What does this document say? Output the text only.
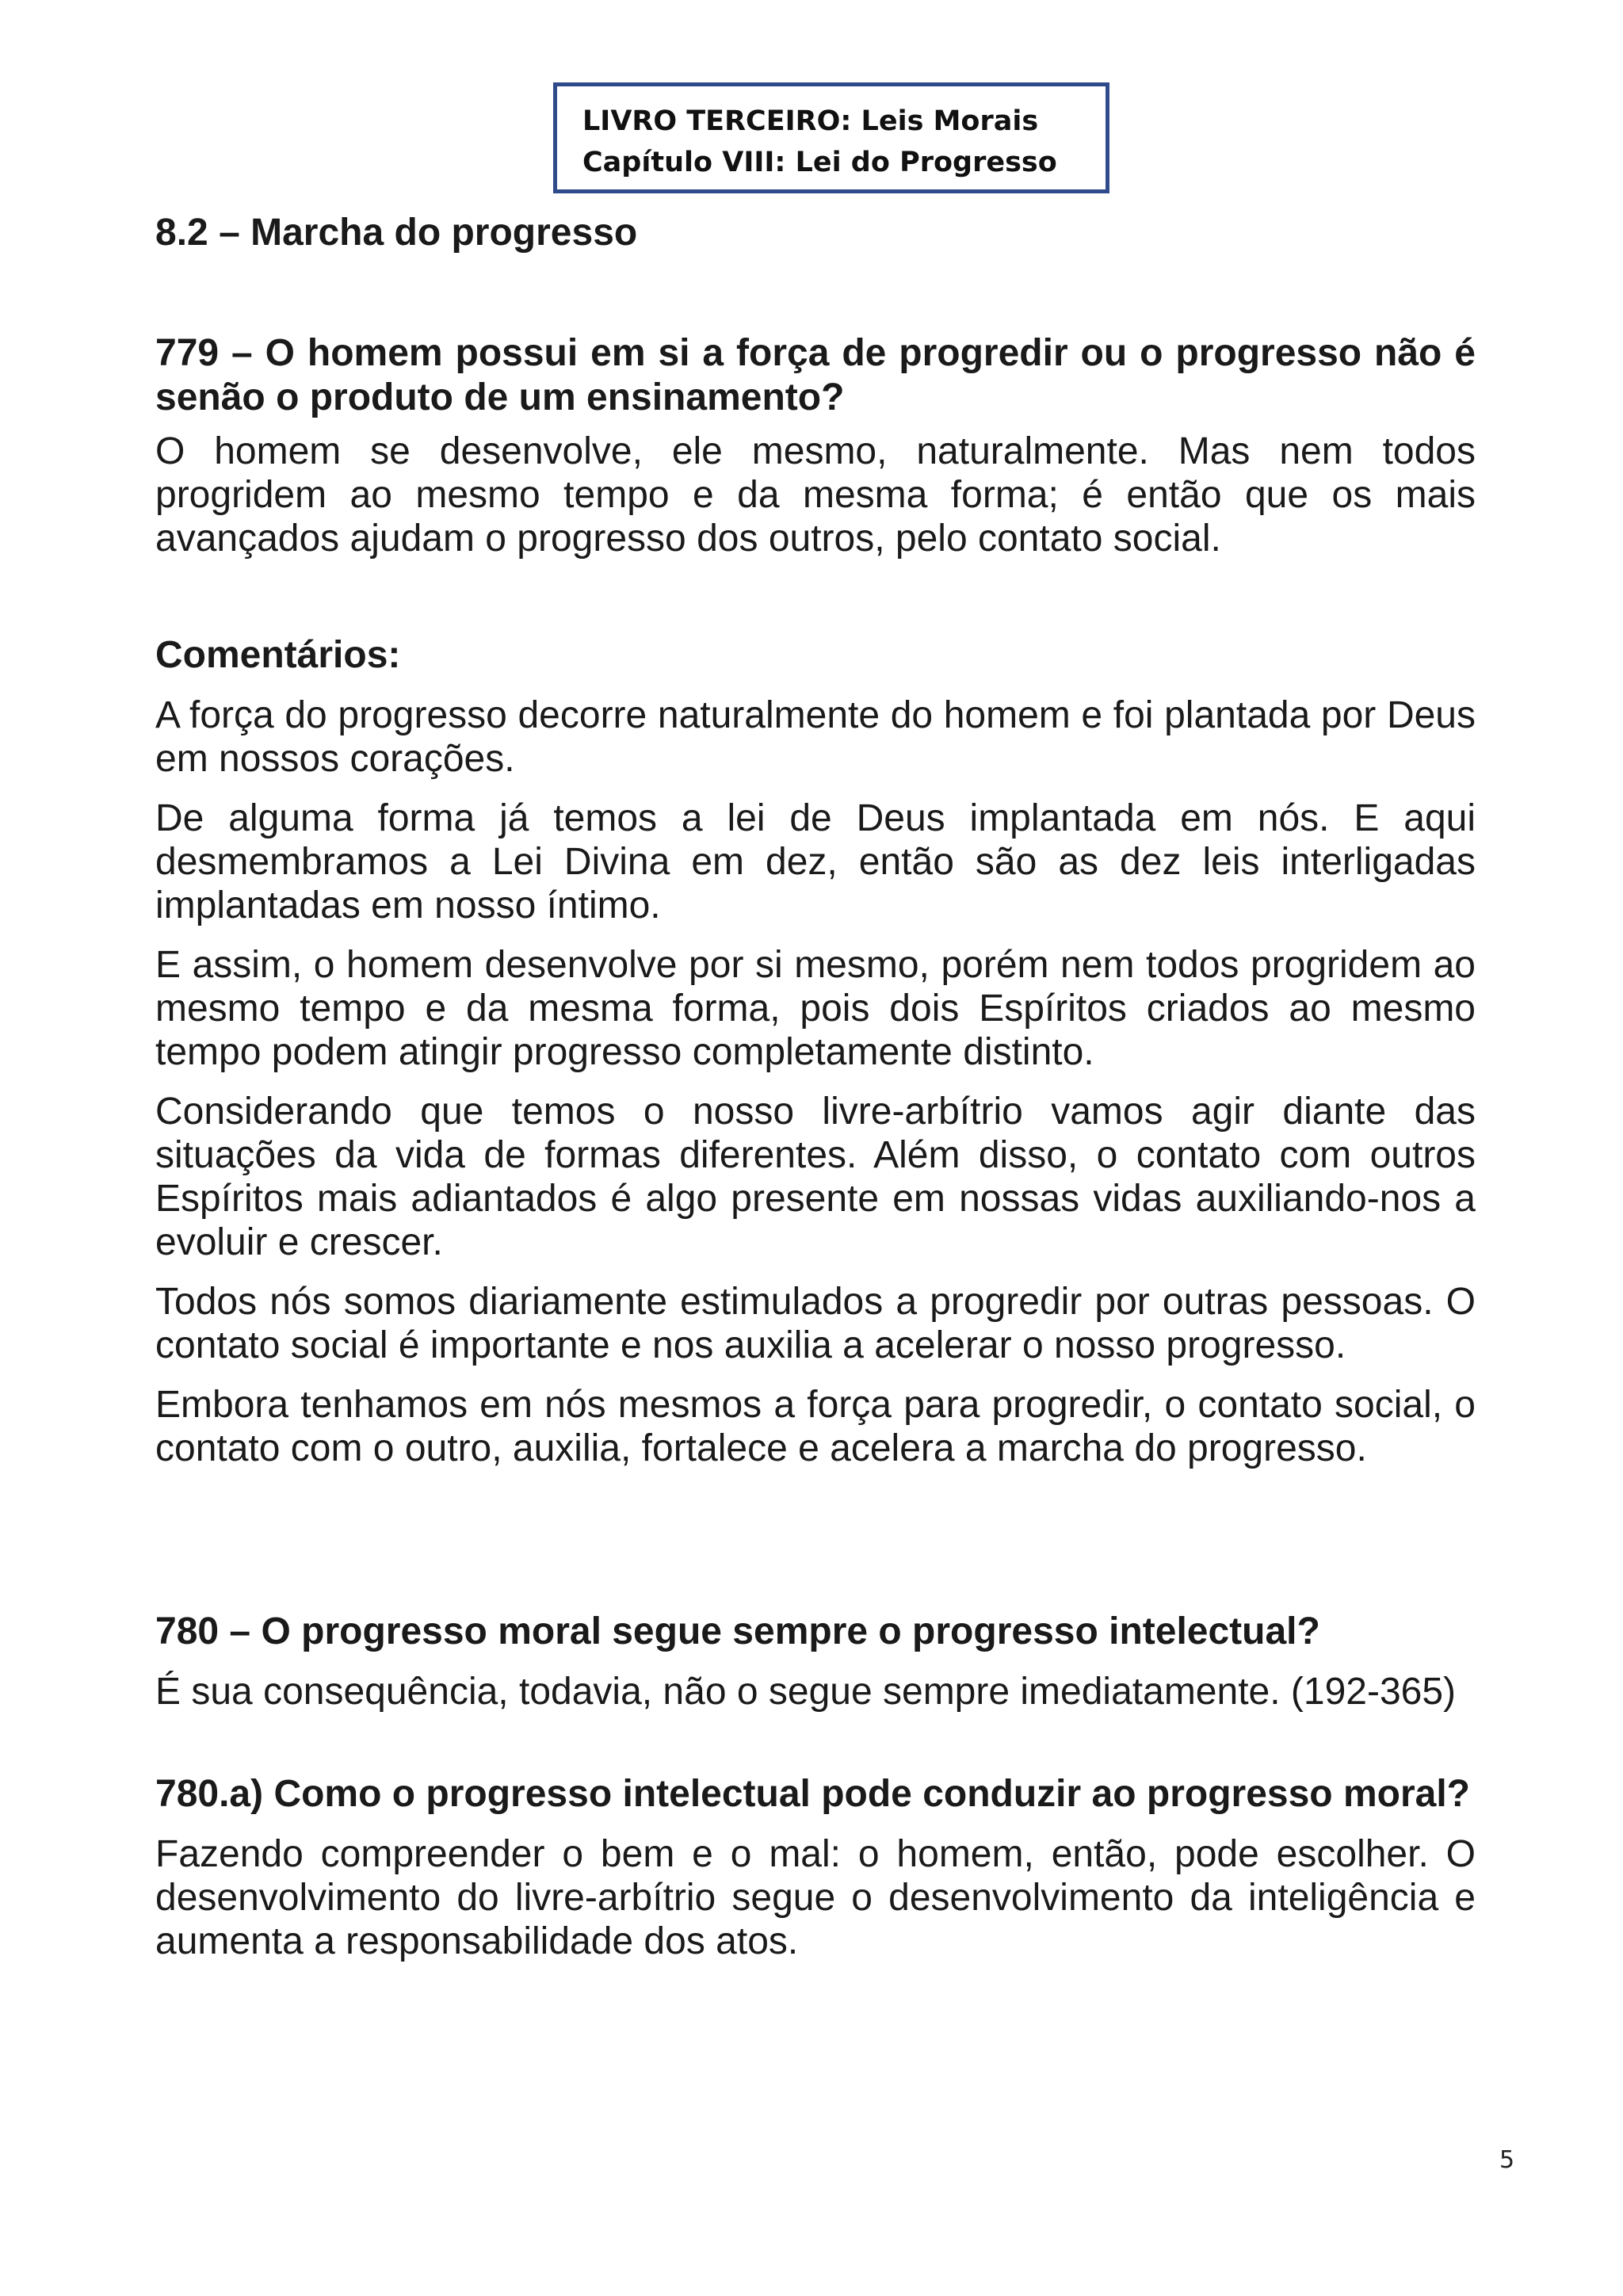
LIVRO TERCEIRO: Leis Morais
Capítulo VIII: Lei do Progresso
8.2 – Marcha do progresso

779 – O homem possui em si a força de progredir ou o progresso não é senão o produto de um ensinamento?

O homem se desenvolve, ele mesmo, naturalmente. Mas nem todos progridem ao mesmo tempo e da mesma forma; é então que os mais avançados ajudam o progresso dos outros, pelo contato social.

Comentários:

A força do progresso decorre naturalmente do homem e foi plantada por Deus em nossos corações.

De alguma forma já temos a lei de Deus implantada em nós. E aqui desmembramos a Lei Divina em dez, então são as dez leis interligadas implantadas em nosso íntimo.

E assim, o homem desenvolve por si mesmo, porém nem todos progridem ao mesmo tempo e da mesma forma, pois dois Espíritos criados ao mesmo tempo podem atingir progresso completamente distinto.

Considerando que temos o nosso livre-arbítrio vamos agir diante das situações da vida de formas diferentes. Além disso, o contato com outros Espíritos mais adiantados é algo presente em nossas vidas auxiliando-nos a evoluir e crescer.

Todos nós somos diariamente estimulados a progredir por outras pessoas. O contato social é importante e nos auxilia a acelerar o nosso progresso.

Embora tenhamos em nós mesmos a força para progredir, o contato social, o contato com o outro, auxilia, fortalece e acelera a marcha do progresso.

780 – O progresso moral segue sempre o progresso intelectual?

É sua consequência, todavia, não o segue sempre imediatamente. (192-365)

780.a) Como o progresso intelectual pode conduzir ao progresso moral?

Fazendo compreender o bem e o mal: o homem, então, pode escolher. O desenvolvimento do livre-arbítrio segue o desenvolvimento da inteligência e aumenta a responsabilidade dos atos.

5
